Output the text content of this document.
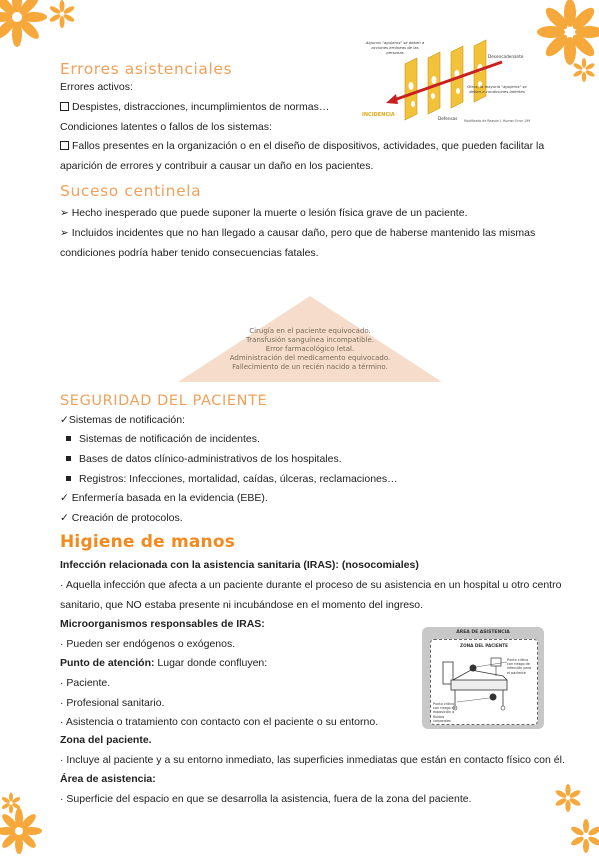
Errores asistenciales
Errores activos:
Despistes, distracciones, incumplimientos de normas…
Condiciones latentes o fallos de los sistemas:
Fallos presentes en la organización o en el diseño de dispositivos, actividades, que pueden facilitar la
aparición de errores y contribuir a causar un daño en los pacientes.
INCIDENCIA
Defensas Modificado de Reason J. Human Error 1990
Algunos "agujeros" se deben a acciones erróneas de las personas
Desencadenante
Otros, la mayoría "agujeros" se deben a condiciones latentes
Suceso centinela
➢ Hecho inesperado que puede suponer la muerte o lesión física grave de un paciente.
➢ Incluidos incidentes que no han llegado a causar daño, pero que de haberse mantenido las mismas
condiciones podría haber tenido consecuencias fatales.
Cirugía en el paciente equivocado.
Transfusión sanguínea incompatible.
Error farmacológico letal.
Administración del medicamento equivocado.
Fallecimiento de un recién nacido a término.
SEGURIDAD DEL PACIENTE
✓Sistemas de notificación:
Sistemas de notificación de incidentes.
Bases de datos clínico-administrativos de los hospitales.
Registros: Infecciones, mortalidad, caídas, úlceras, reclamaciones…
✓ Enfermería basada en la evidencia (EBE).
✓ Creación de protocolos.
Higiene de manos
Infección relacionada con la asistencia sanitaria (IRAS): (nosocomiales)
· Aquella infección que afecta a un paciente durante el proceso de su asistencia en un hospital u otro centro
sanitario, que NO estaba presente ni incubándose en el momento del ingreso.
Microorganismos responsables de IRAS:
· Pueden ser endógenos o exógenos.
Punto de atención: Lugar donde confluyen:
· Paciente.
· Profesional sanitario.
· Asistencia o tratamiento con contacto con el paciente o su entorno.
Zona del paciente.
· Incluye al paciente y a su entorno inmediato, las superficies inmediatas que están en contacto físico con él.
Área de asistencia:
· Superficie del espacio en que se desarrolla la asistencia, fuera de la zona del paciente.
ÁREA DE ASISTENCIA
ZONA DEL PACIENTE
Punto crítico con riesgo de infección para el paciente
Punto crítico con riesgo de exposición a fluidos corporales
